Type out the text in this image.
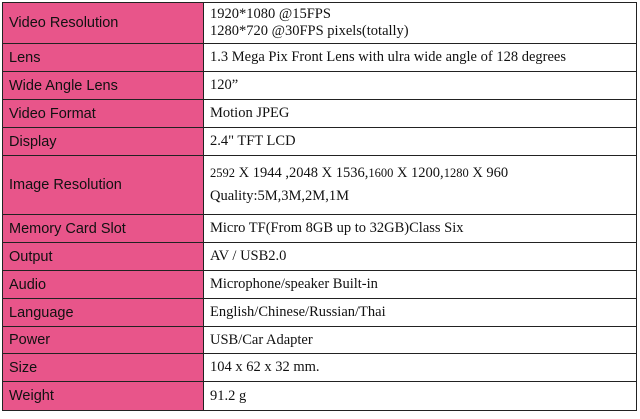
Video Resolution	1920*1080 @15FPS
1280*720 @30FPS pixels(totally)

Lens	1.3 Mega Pix Front Lens with ulra wide angle of 128 degrees
Wide Angle Lens	120”
Video Format	Motion JPEG
Display	2.4" TFT LCD
Image Resolution	2592 X 1944 ,2048 X 1536,1600 X 1200,1280 X 960
Quality:5M,3M,2M,1M

Memory Card Slot	Micro TF(From 8GB up to 32GB)Class Six
Output	AV / USB2.0
Audio	Microphone/speaker Built-in
Language	English/Chinese/Russian/Thai
Power	USB/Car Adapter
Size	104 x 62 x 32 mm.
Weight	91.2 g
